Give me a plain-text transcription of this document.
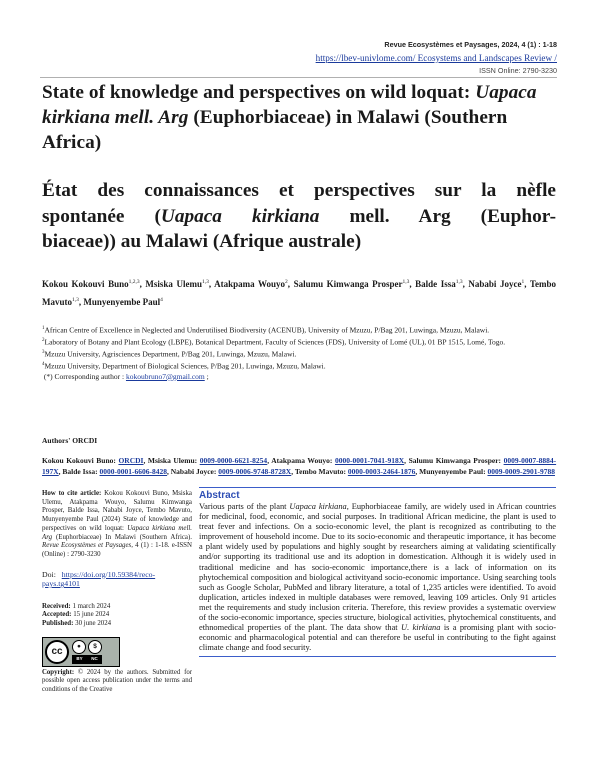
Revue Ecosystèmes et Paysages, 2024, 4 (1) : 1-18
https://lbev-univlome.com/ Ecosystems and Landscapes Review /
ISSN Online: 2790-3230
State of knowledge and perspectives on wild loquat: Uapaca kirkiana mell. Arg (Euphorbiaceae) in Malawi (Southern Africa)
État des connaissances et perspectives sur la nèfle
spontanée (Uapaca kirkiana mell. Arg (Euphor-
biaceae)) au Malawi (Afrique australe)
Kokou Kokouvi Buno$^{1,2,3}$, Msiska Ulemu$^{1,3}$, Atakpama Wouyo$^2$, Salumu Kimwanga Prosper$^{1,3}$, Balde Issa$^{1,3}$, Nababi Joyce$^1$, Tembo Mavuto$^{1,3}$, Munyenyembe Paul$^4$
$^1$African Centre of Excellence in Neglected and Underutilised Biodiversity (ACENUB), University of Mzuzu, P/Bag 201, Luwinga, Mzuzu, Malawi.
$^2$Laboratory of Botany and Plant Ecology (LBPE), Botanical Department, Faculty of Sciences (FDS), University of Lomé (UL), 01 BP 1515, Lomé, Togo.
$^3$Mzuzu University, Agrisciences Department, P/Bag 201, Luwinga, Mzuzu, Malawi.
$^4$Mzuzu University, Department of Biological Sciences, P/Bag 201, Luwinga, Mzuzu, Malawi.
(*) Corresponding author : kokoubruno7@gmail.com ;
Authors' ORCDI
Kokou Kokouvi Buno: ORCDI, Msiska Ulemu: 0009-0000-6621-8254, Atakpama Wouyo: 0000-0001-7041-918X, Salumu Kimwanga Prosper: 0009-0007-8884-197X, Balde Issa: 0000-0001-6606-8428, Nababi Joyce: 0009-0006-9748-8728X, Tembo Mavuto: 0000-0003-2464-1876, Munyenyembe Paul: 0009-0009-2901-9788
How to cite article: Kokou Kokouvi Buno, Msiska Ulemu, Atakpama Wouyo, Salumu Kimwanga Prosper, Balde Issa, Nababi Joyce, Tembo Mavuto, Munyenyembe Paul (2024) State of knowledge and perspectives on wild loquat: Uapaca kirkiana mell. Arg (Euphorbiaceae) In Malawi (Southern Africa). Revue Ecosystèmes et Paysages, 4 (1) : 1-18. e-ISSN (Online) : 2790-3230
Doi: https://doi.org/10.59384/reco-pays.tg4101
Received: 1 march 2024
Accepted: 15 june 2024
Published: 30 june 2024
cc	●	$
BY	NC
Copyright: © 2024 by the authors. Submitted for possible open access publication under the terms and conditions of the Creative
Abstract
Various parts of the plant Uapaca kirkiana, Euphorbiaceae family, are widely used in African countries for medicinal, food, economic, and social purposes. In traditional African medicine, the plant is used to treat fever and infections. On a socio-economic level, the plant is recognized as contributing to the improvement of household income. Due to its socio-economic and therapeutic importance, it has become a plant widely used by populations and highly sought by researchers aiming at validating scientifically and/or supporting its traditional use and its adoption in domestication. Although it is widely used in traditional medicine and has socio-economic importance,there is a lack of information on its phytochemical composition and biological activityand socio-economic importance. Using searching tools such as Google Scholar, PubMed and library literature, a total of 1,235 articles were identified. To avoid duplication, articles indexed in multiple databases were removed, leaving 109 articles. Only 91 articles met the requirements and study inclusion criteria. Therefore, this review provides a systematic overview of the socio-economic importance, species structure, biological activities, phytochemical constituents, and ethnomedical properties of the plant. The data show that U. kirkiana is a promising plant with socio-economic and pharmacological potential and can therefore be useful in contributing to the fight against climate change and food security.
